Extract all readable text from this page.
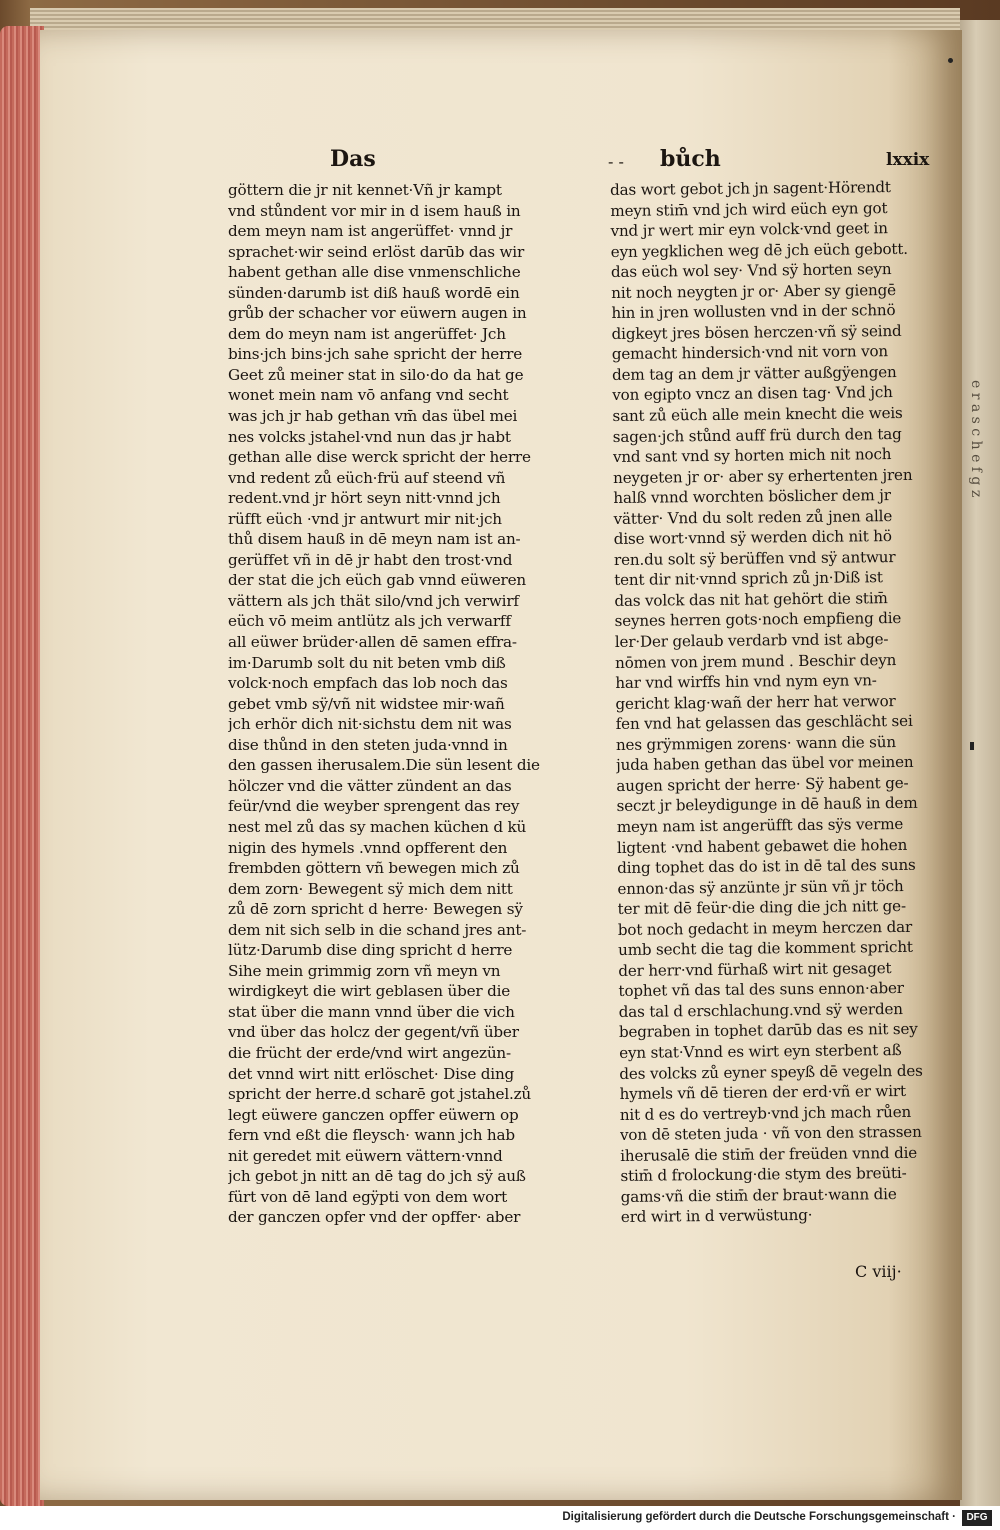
e r a s c h e f g z
Das	‑ ‑ bůch	lxxix
göttern die jr nit kennet·Vñ jr kampt
vnd stůndent vor mir in d isem hauß in
dem meyn nam ist angerüffet· vnnd jr
sprachet·wir seind erlöst darūb das wir
habent gethan alle dise vnmenschliche
sünden·darumb ist diß hauß wordē ein
grůb der schacher vor eüwern augen in
dem do meyn nam ist angerüffet· Jch
bins·jch bins·jch sahe spricht der herre
Geet zů meiner stat in silo·do da hat ge
wonet mein nam vō anfang vnd secht
was jch jr hab gethan vm̄ das übel mei
nes volcks jstahel·vnd nun das jr habt
gethan alle dise werck spricht der herre
vnd redent zů eüch·frü auf steend vñ
redent.vnd jr hört seyn nitt·vnnd jch
rüfft eüch ·vnd jr antwurt mir nit·jch
thů disem hauß in dē meyn nam ist an‑
gerüffet vñ in dē jr habt den trost·vnd
der stat die jch eüch gab vnnd eüweren
vättern als jch thät silo/vnd jch verwirf
eüch vō meim antlütz als jch verwarff
all eüwer brüder·allen dē samen effra‑
im·Darumb solt du nit beten vmb diß
volck·noch empfach das lob noch das
gebet vmb sÿ/vñ nit widstee mir·wañ
jch erhör dich nit·sichstu dem nit was
dise thůnd in den steten juda·vnnd in
den gassen iherusalem.Die sün lesent die
hölczer vnd die vätter zündent an das
feür/vnd die weyber sprengent das rey
nest mel zů das sy machen küchen d kü
nigin des hymels .vnnd opfferent den
frembden göttern vñ bewegen mich zů
dem zorn· Bewegent sÿ mich dem nitt
zů dē zorn spricht d herre· Bewegen sÿ
dem nit sich selb in die schand jres ant‑
lütz·Darumb dise ding spricht d herre
Sihe mein grimmig zorn vñ meyn vn
wirdigkeyt die wirt geblasen über die
stat über die mann vnnd über die vich
vnd über das holcz der gegent/vñ über
die frücht der erde/vnd wirt angezün‑
det vnnd wirt nitt erlöschet· Dise ding
spricht der herre.d scharē got jstahel.zů
legt eüwere ganczen opffer eüwern op
fern vnd eßt die fleysch· wann jch hab
nit geredet mit eüwern vättern·vnnd
jch gebot jn nitt an dē tag do jch sÿ auß
fürt von dē land egÿpti von dem wort
der ganczen opfer vnd der opffer· aber
das wort gebot jch jn sagent·Hörendt
meyn stim̄ vnd jch wird eüch eyn got
vnd jr wert mir eyn volck·vnd geet in
eyn yegklichen weg dē jch eüch gebott.
das eüch wol sey· Vnd sÿ horten seyn
nit noch neygten jr or· Aber sy giengē
hin in jren wollusten vnd in der schnö
digkeyt jres bösen herczen·vñ sÿ seind
gemacht hindersich·vnd nit vorn von
dem tag an dem jr vätter außgÿengen
von egipto vncz an disen tag· Vnd jch
sant zů eüch alle mein knecht die weis
sagen·jch stůnd auff frü durch den tag
vnd sant vnd sy horten mich nit noch
neygeten jr or· aber sy erhertenten jren
halß vnnd worchten böslicher dem jr
vätter· Vnd du solt reden zů jnen alle
dise wort·vnnd sÿ werden dich nit hö
ren.du solt sÿ berüffen vnd sÿ antwur
tent dir nit·vnnd sprich zů jn·Diß ist
das volck das nit hat gehört die stim̄
seynes herren gots·noch empfieng die
ler·Der gelaub verdarb vnd ist abge‑
nōmen von jrem mund . Beschir deyn
har vnd wirffs hin vnd nym eyn vn‑
gericht klag·wañ der herr hat verwor
fen vnd hat gelassen das geschlächt sei
nes grÿmmigen zorens· wann die sün
juda haben gethan das übel vor meinen
augen spricht der herre· Sÿ habent ge‑
seczt jr beleydigunge in dē hauß in dem
meyn nam ist angerüfft das sÿs verme
ligtent ·vnd habent gebawet die hohen
ding tophet das do ist in dē tal des suns
ennon·das sÿ anzünte jr sün vñ jr töch
ter mit dē feür·die ding die jch nitt ge‑
bot noch gedacht in meym herczen dar
umb secht die tag die komment spricht
der herr·vnd fürhaß wirt nit gesaget
tophet vñ das tal des suns ennon·aber
das tal d erschlachung.vnd sÿ werden
begraben in tophet darūb das es nit sey
eyn stat·Vnnd es wirt eyn sterbent aß
des volcks zů eyner speyß dē vegeln des
hymels vñ dē tieren der erd·vñ er wirt
nit d es do vertreyb·vnd jch mach růen
von dē steten juda · vñ von den strassen
iherusalē die stim̄ der freüden vnnd die
stim̄ d frolockung·die stym des breüti‑
gams·vñ die stim̄ der braut·wann die
erd wirt in d verwüstung·
C viij·
Digitalisierung gefördert durch die Deutsche Forschungsgemeinschaft ·	DFG
